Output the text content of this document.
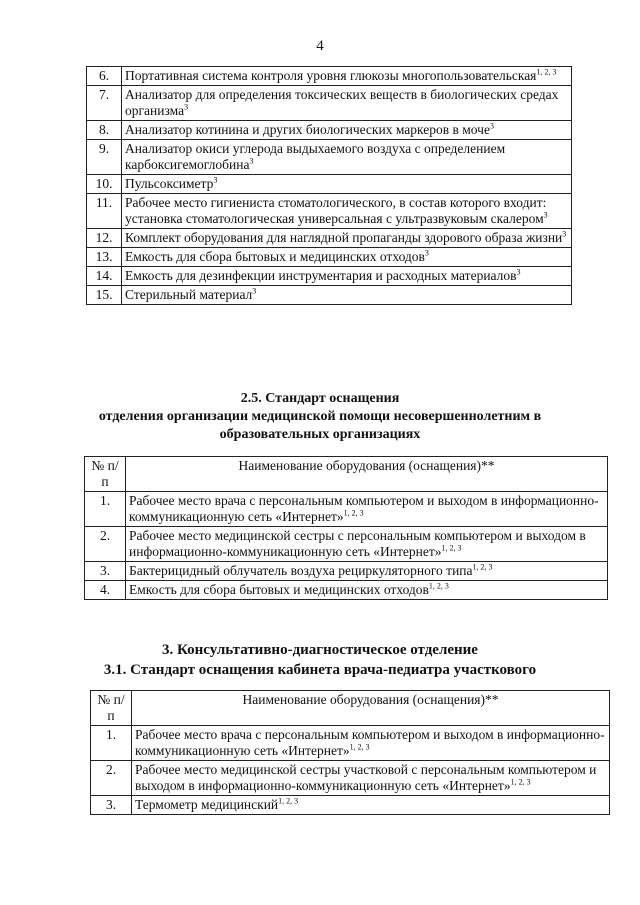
4
6.	Портативная система контроля уровня глюкозы многопользовательская$^{1, 2, 3}$
7.	Анализатор для определения токсических веществ в биологических средах организма$^3$
8.	Анализатор котинина и других биологических маркеров в моче$^3$
9.	Анализатор окиси углерода выдыхаемого воздуха с определением карбоксигемоглобина$^3$
10.	Пульсоксиметр$^3$
11.	Рабочее место гигиениста стоматологического, в состав которого входит: установка стоматологическая универсальная с ультразвуковым скалером$^3$
12.	Комплект оборудования для наглядной пропаганды здорового образа жизни$^3$
13.	Емкость для сбора бытовых и медицинских отходов$^3$
14.	Емкость для дезинфекции инструментария и расходных материалов$^3$
15.	Стерильный материал$^3$
2.5. Стандарт оснащения
отделения организации медицинской помощи несовершеннолетним в
образовательных организациях
№ п/п	Наименование оборудования (оснащения)**
1.	Рабочее место врача с персональным компьютером и выходом в информационно-коммуникационную сеть «Интернет»$^{1, 2, 3}$
2.	Рабочее место медицинской сестры с персональным компьютером и выходом в информационно-коммуникационную сеть «Интернет»$^{1, 2, 3}$
3.	Бактерицидный облучатель воздуха рециркуляторного типа$^{1, 2, 3}$
4.	Емкость для сбора бытовых и медицинских отходов$^{1, 2, 3}$
3. Консультативно-диагностическое отделение
3.1. Стандарт оснащения кабинета врача-педиатра участкового
№ п/п	Наименование оборудования (оснащения)**
1.	Рабочее место врача с персональным компьютером и выходом в информационно-коммуникационную сеть «Интернет»$^{1, 2, 3}$
2.	Рабочее место медицинской сестры участковой с персональным компьютером и выходом в информационно-коммуникационную сеть «Интернет»$^{1, 2, 3}$
3.	Термометр медицинский$^{1, 2, 3}$
